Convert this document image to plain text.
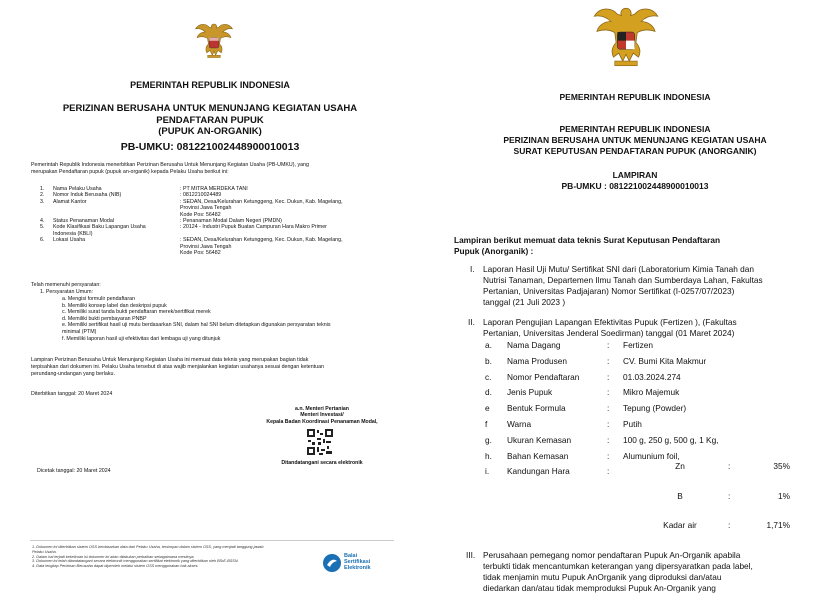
PEMERINTAH REPUBLIK INDONESIA
PERIZINAN BERUSAHA UNTUK MENUNJANG KEGIATAN USAHA
PENDAFTARAN PUPUK
(PUPUK AN-ORGANIK)
PB-UMKU: 081221002448900010013
Pemerintah Republik Indonesia menerbitkan Perizinan Berusaha Untuk Menunjang Kegiatan Usaha (PB-UMKU), yang
merupakan Pendaftaran pupuk (pupuk an-organik) kepada Pelaku Usaha berikut ini:
1.	Nama Pelaku Usaha	: PT MITRA MERDEKA TANI
2.	Nomor Induk Berusaha (NIB)	: 0812210024489
3.	Alamat Kantor	: SEDAN, Desa/Kelurahan Ketunggeng, Kec. Dukun, Kab. Magelang,
Provinsi Jawa Tengah
Kode Pos: 56482
4.	Status Penanaman Modal	: Penanaman Modal Dalam Negeri (PMDN)
5.	Kode Klasifikasi Baku Lapangan Usaha	: 20124 - Industri Pupuk Buatan Campuran Hara Makro Primer
Indonesia (KBLI)
6.	Lokasi Usaha	: SEDAN, Desa/Kelurahan Ketunggeng, Kec. Dukun, Kab. Magelang,
Provinsi Jawa Tengah
Kode Pos: 56482
Telah memenuhi persyaratan:
1. Persyaratan Umum:
a. Mengisi formulir pendaftaran
b. Memiliki konsep label dan deskripsi pupuk
c. Memiliki surat tanda bukti pendaftaran merek/sertifikat merek
d. Memiliki bukti pembayaran PNBP
e. Memiliki sertifikat hasil uji mutu berdasarkan SNI, dalam hal SNI belum ditetapkan digunakan persyaratan teknis
minimal (PTM)
f. Memiliki laporan hasil uji efektivitas dari lembaga uji yang ditunjuk
Lampiran Perizinan Berusaha Untuk Menunjang Kegiatan Usaha ini memuat data teknis yang merupakan bagian tidak
terpisahkan dari dokumen ini. Pelaku Usaha tersebut di atas wajib menjalankan kegiatan usahanya sesuai dengan ketentuan
perundang-undangan yang berlaku.
Diterbitkan tanggal: 20 Maret 2024
a.n. Menteri Pertanian
Menteri Investasi/
Kepala Badan Koordinasi Penanaman Modal,
Ditandatangani secara elektronik
Dicetak tanggal: 20 Maret 2024
1. Dokumen ini diterbitkan sistem OSS berdasarkan data dari Pelaku Usaha, tersimpan dalam sistem OSS, yang menjadi tanggung jawab
Pelaku Usaha.
2. Dalam hal terjadi kekeliruan isi dokumen ini akan dilakukan perbaikan sebagaimana mestinya.
3. Dokumen ini telah ditandatangani secara elektronik menggunakan sertifikat elektronik yang diterbitkan oleh BSrE-BSSN.
4. Data lengkap Perizinan Berusaha dapat diperoleh melalui sistem OSS menggunakan hak akses.
Balai
Sertifikasi
Elektronik
PEMERINTAH REPUBLIK INDONESIA
PEMERINTAH REPUBLIK INDONESIA
PERIZINAN BERUSAHA UNTUK MENUNJANG KEGIATAN USAHA
SURAT KEPUTUSAN PENDAFTARAN PUPUK (ANORGANIK)
LAMPIRAN
PB-UMKU : 081221002448900010013
Lampiran berikut memuat data teknis Surat Keputusan Pendaftaran
Pupuk (Anorganik) :
I. Laporan Hasil Uji Mutu/ Sertifikat SNI dari (Laboratorium Kimia Tanah dan
Nutrisi Tanaman, Departemen Ilmu Tanah dan Sumberdaya Lahan, Fakultas
Pertanian, Universitas Padjajaran) Nomor Sertifikat (I-0257/07/2023)
tanggal (21 Juli 2023 )
II. Laporan Pengujian Lapangan Efektivitas Pupuk (Fertizen ), (Fakultas
Pertanian, Universitas Jenderal Soedirman) tanggal (01 Maret 2024)
a. Nama Dagang	: Fertizen
b. Nama Produsen	: CV. Bumi Kita Makmur
c. Nomor Pendaftaran	: 01.03.2024.274
d. Jenis Pupuk	: Mikro Majemuk
e Bentuk Formula	: Tepung (Powder)
f Warna	: Putih
g. Ukuran Kemasan	: 100 g, 250 g, 500 g, 1 Kg,
h. Bahan Kemasan	: Alumunium foil,
i. Kandungan Hara	:
Zn	:	35%
B	:	1%
Kadar air	:	1,71%
III. Perusahaan pemegang nomor pendaftaran Pupuk An-Organik apabila
terbukti tidak mencantumkan keterangan yang dipersyaratkan pada label,
tidak menjamin mutu Pupuk AnOrganik yang diproduksi dan/atau
diedarkan dan/atau tidak memproduksi Pupuk An-Organik yang
